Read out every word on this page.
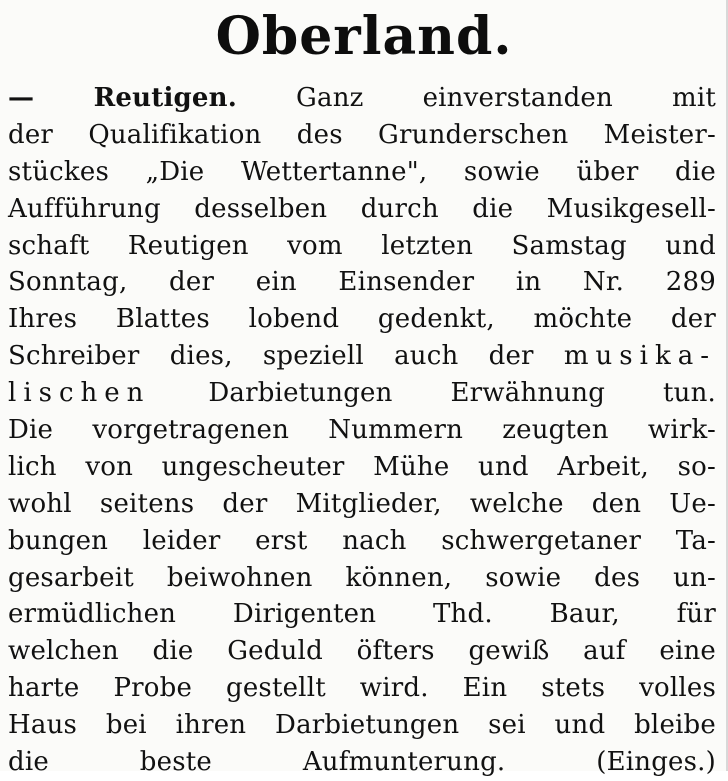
Oberland.
— Reutigen. Ganz einverstanden mit
der Qualifikation des Grunderschen Meister-
stückes „Die Wettertanne", sowie über die
Aufführung desselben durch die Musikgesell-
schaft Reutigen vom letzten Samstag und
Sonntag, der ein Einsender in Nr. 289
Ihres Blattes lobend gedenkt, möchte der
Schreiber dies, speziell auch der musika-
lischen Darbietungen Erwähnung tun.
Die vorgetragenen Nummern zeugten wirk-
lich von ungescheuter Mühe und Arbeit, so-
wohl seitens der Mitglieder, welche den Ue-
bungen leider erst nach schwergetaner Ta-
gesarbeit beiwohnen können, sowie des un-
ermüdlichen Dirigenten Thd. Baur, für
welchen die Geduld öfters gewiß auf eine
harte Probe gestellt wird. Ein stets volles
Haus bei ihren Darbietungen sei und bleibe
die beste Aufmunterung. (Einges.)
